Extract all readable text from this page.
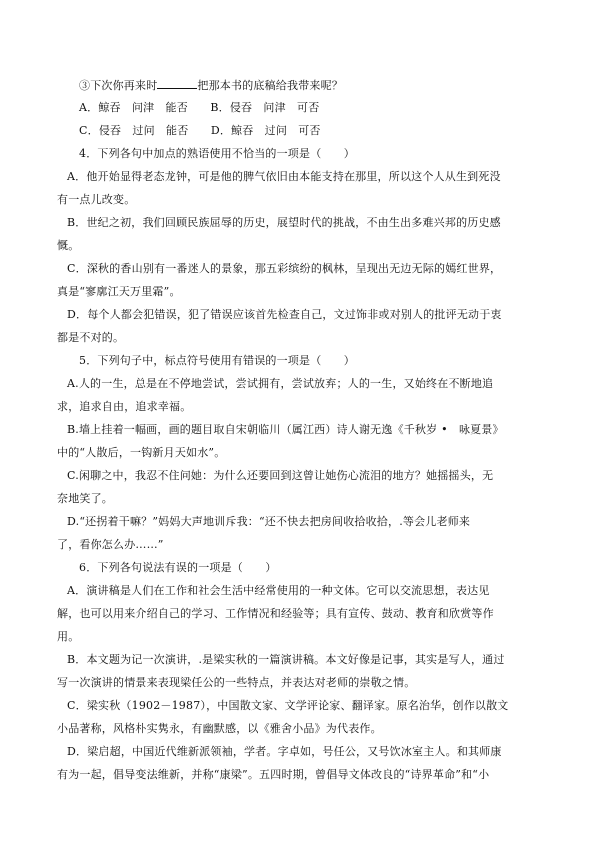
③下次你再来时	把那本书的底稿给我带来呢？
A．鲸吞　问津　能否　　B．侵吞　问津　可否
C．侵吞　过问　能否　　D．鲸吞　过问　可否
4．下列各句中加点的熟语使用不恰当的一项是（　　）
A．他开始显得老态龙钟，可是他的脾气依旧由本能支持在那里，所以这个人从生到死没
有一点儿改变。
B．世纪之初，我们回顾民族屈辱的历史，展望时代的挑战，不由生出多难兴邦的历史感
慨。
C．深秋的香山别有一番迷人的景象，那五彩缤纷的枫林，呈现出无边无际的嫣红世界，
真是“寥廓江天万里霜”。
D．每个人都会犯错误，犯了错误应该首先检查自己，文过饰非或对别人的批评无动于衷
都是不对的。
5．下列句子中，标点符号使用有错误的一项是（　　）
A.人的一生，总是在不停地尝试，尝试拥有，尝试放弃；人的一生，又始终在不断地追
求，追求自由，追求幸福。
B.墙上挂着一幅画，画的题目取自宋朝临川（属江西）诗人谢无逸《千秋岁 •　咏夏景》
中的“人散后，一钩新月天如水”。
C.闲聊之中，我忍不住问她：为什么还要回到这曾让她伤心流泪的地方？她摇摇头，无
奈地笑了。
D.“还拐着干嘛？”妈妈大声地训斥我：“还不快去把房间收拾收拾，.等会儿老师来
了，看你怎么办……”
6．下列各句说法有误的一项是（　　）
A．演讲稿是人们在工作和社会生活中经常使用的一种文体。它可以交流思想，表达见
解，也可以用来介绍自己的学习、工作情况和经验等；具有宣传、鼓动、教育和欣赏等作
用。
B．本文题为记一次演讲，.是梁实秋的一篇演讲稿。本文好像是记事，其实是写人，通过
写一次演讲的情景来表现梁任公的一些特点，并表达对老师的崇敬之情。
C．梁实秋（1902－1987），中国散文家、文学评论家、翻译家。原名治华，创作以散文
小品著称，风格朴实隽永，有幽默感，以《雅舍小品》为代表作。
D．梁启超，中国近代维新派领袖，学者。字卓如，号任公，又号饮冰室主人。和其师康
有为一起，倡导变法维新，并称“康梁”。五四时期，曾倡导文体改良的“诗界革命”和“小
